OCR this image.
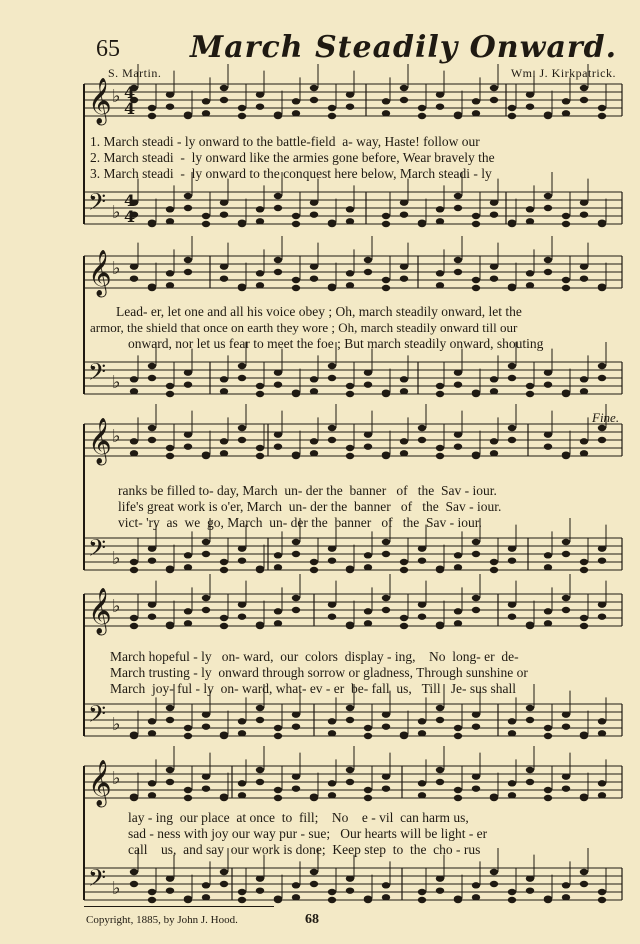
65 March Steadily Onward.
S. Martin.	Wm. J. Kirkpatrick.
𝄞 ♭
𝄢 ♭
𝄞 ♭
𝄢 ♭
𝄞 ♭
𝄢 ♭
𝄞 ♭
𝄢 ♭
𝄞 ♭
𝄢 ♭
4
4
4
4
1. March steadi - ly onward to the battle-field  a- way, Haste! follow our
2. March steadi  -  ly onward like the armies gone before, Wear bravely the
3. March steadi  -  ly onward to the conquest here below, March steadi - ly
Lead- er, let one and all his voice obey ; Oh, march steadily onward, let the
armor, the shield that once on earth they wore ; Oh, march steadily onward till our
onward, nor let us fear to meet the foe ; But march steadily onward, shouting
ranks be filled to- day, March  un- der the  banner   of   the  Sav - iour.
life's great work is o'er, March  un- der the  banner   of   the  Sav - iour.
vict- 'ry  as  we  go, March  un- der the  banner   of   the  Sav - iour.
March hopeful - ly   on- ward,  our  colors  display - ing,    No  long- er  de-
March trusting - ly  onward through sorrow or gladness, Through sunshine or
March  joy- ful - ly  on- ward, what- ev - er  be- fall  us,   Till   Je- sus shall
lay - ing  our place  at once  to  fill;    No    e - vil  can harm us,
sad - ness with joy our way pur - sue;   Our hearts will be light - er
call    us,  and say  our work is done;  Keep step  to  the  cho - rus
Fine.
Copyright, 1885, by John J. Hood.	68
